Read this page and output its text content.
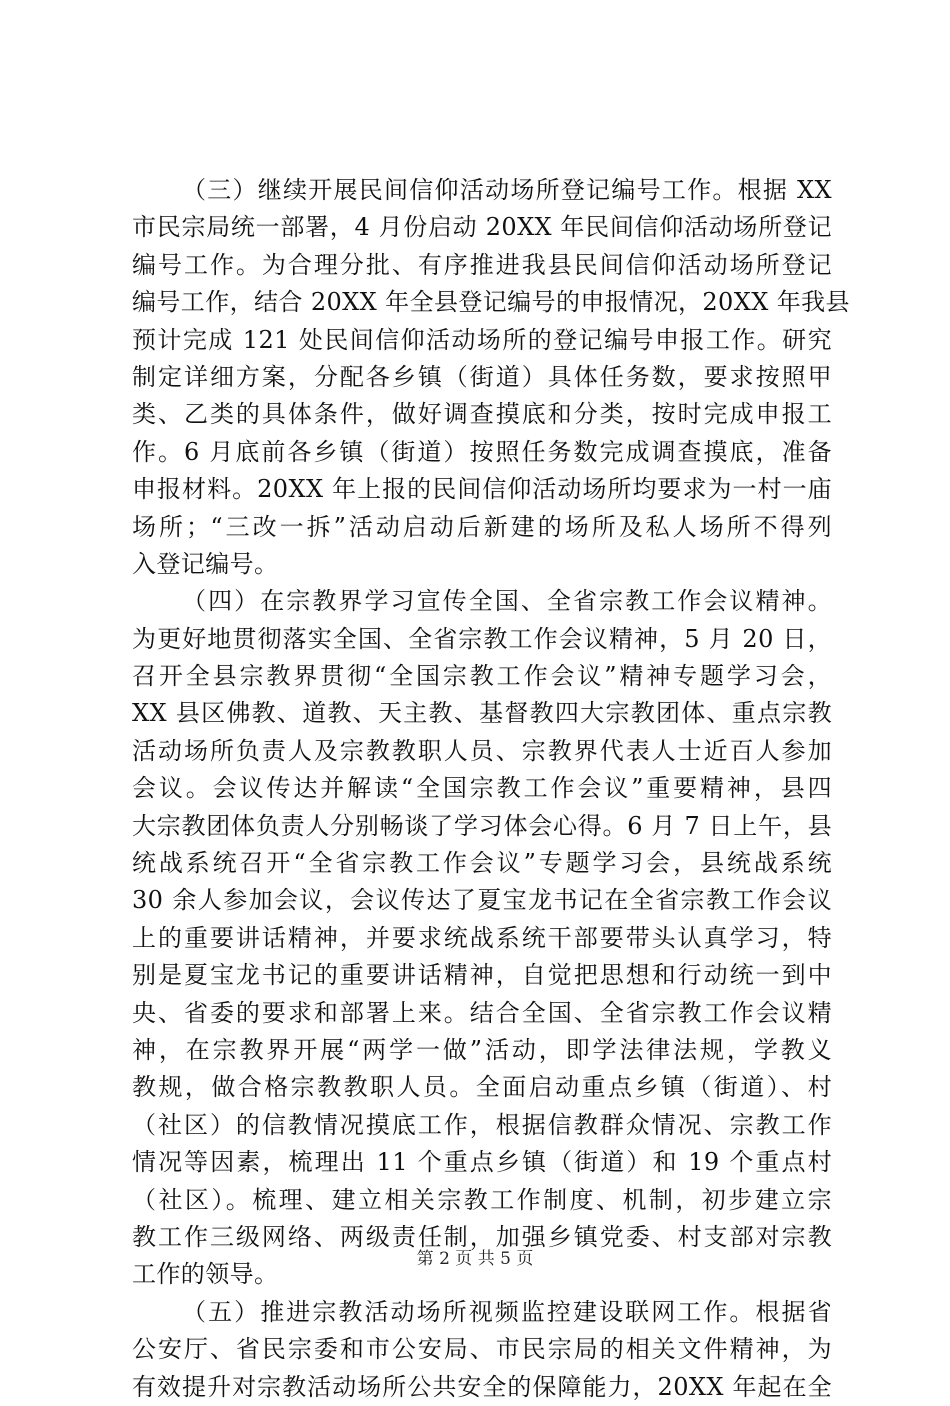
（三）继续开展民间信仰活动场所登记编号工作。根据 XX
市民宗局统一部署，4 月份启动 20XX 年民间信仰活动场所登记
编号工作。为合理分批、有序推进我县民间信仰活动场所登记
编号工作，结合 20XX 年全县登记编号的申报情况，20XX 年我县
预计完成 121 处民间信仰活动场所的登记编号申报工作。研究
制定详细方案，分配各乡镇（街道）具体任务数，要求按照甲
类、乙类的具体条件，做好调查摸底和分类，按时完成申报工
作。6 月底前各乡镇（街道）按照任务数完成调查摸底，准备
申报材料。20XX 年上报的民间信仰活动场所均要求为一村一庙
场所；“三改一拆”活动启动后新建的场所及私人场所不得列
入登记编号。
（四）在宗教界学习宣传全国、全省宗教工作会议精神。
为更好地贯彻落实全国、全省宗教工作会议精神，5 月 20 日，
召开全县宗教界贯彻“全国宗教工作会议”精神专题学习会，
XX 县区佛教、道教、天主教、基督教四大宗教团体、重点宗教
活动场所负责人及宗教教职人员、宗教界代表人士近百人参加
会议。会议传达并解读“全国宗教工作会议”重要精神，县四
大宗教团体负责人分别畅谈了学习体会心得。6 月 7 日上午，县
统战系统召开“全省宗教工作会议”专题学习会，县统战系统
30 余人参加会议，会议传达了夏宝龙书记在全省宗教工作会议
上的重要讲话精神，并要求统战系统干部要带头认真学习，特
别是夏宝龙书记的重要讲话精神，自觉把思想和行动统一到中
央、省委的要求和部署上来。结合全国、全省宗教工作会议精
神，在宗教界开展“两学一做”活动，即学法律法规，学教义
教规，做合格宗教教职人员。全面启动重点乡镇（街道）、村
（社区）的信教情况摸底工作，根据信教群众情况、宗教工作
情况等因素，梳理出 11 个重点乡镇（街道）和 19 个重点村
（社区）。梳理、建立相关宗教工作制度、机制，初步建立宗
教工作三级网络、两级责任制，加强乡镇党委、村支部对宗教
工作的领导。
（五）推进宗教活动场所视频监控建设联网工作。根据省
公安厅、省民宗委和市公安局、市民宗局的相关文件精神，为
有效提升对宗教活动场所公共安全的保障能力，20XX 年起在全
第 2 页 共 5 页
